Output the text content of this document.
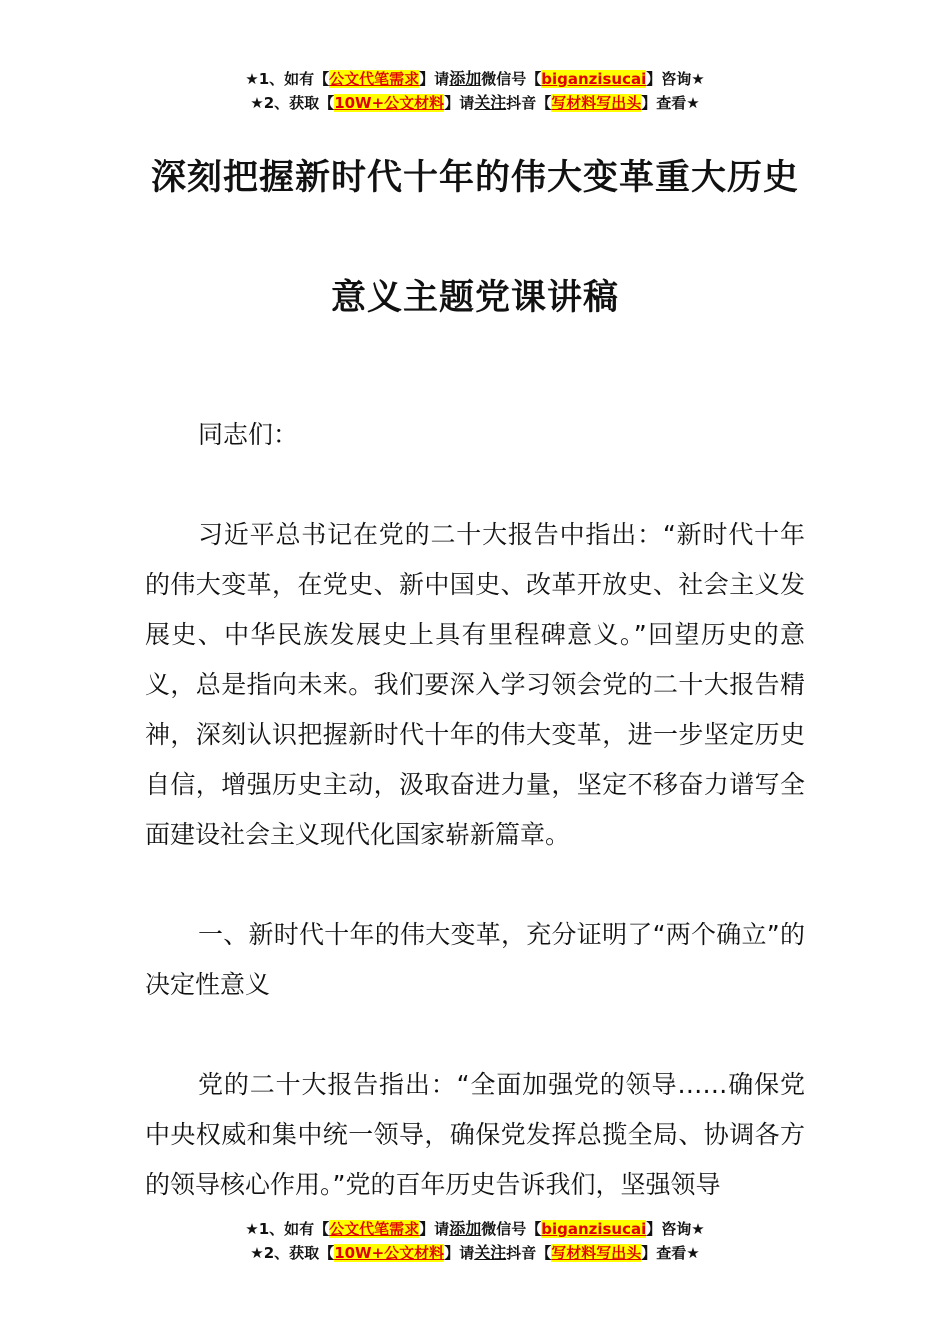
★1、如有【公文代笔需求】请添加微信号【biganzisucai】咨询★
★2、获取【10W+公文材料】请关注抖音【写材料写出头】查看★
深刻把握新时代十年的伟大变革重大历史
意义主题党课讲稿

同志们：

习近平总书记在党的二十大报告中指出：“新时代十年的伟大变革，在党史、新中国史、改革开放史、社会主义发展史、中华民族发展史上具有里程碑意义。”回望历史的意义，总是指向未来。我们要深入学习领会党的二十大报告精神，深刻认识把握新时代十年的伟大变革，进一步坚定历史自信，增强历史主动，汲取奋进力量，坚定不移奋力谱写全面建设社会主义现代化国家崭新篇章。

一、新时代十年的伟大变革，充分证明了“两个确立”的决定性意义

党的二十大报告指出：“全面加强党的领导……确保党中央权威和集中统一领导，确保党发挥总揽全局、协调各方的领导核心作用。”党的百年历史告诉我们，坚强领导

★1、如有【公文代笔需求】请添加微信号【biganzisucai】咨询★
★2、获取【10W+公文材料】请关注抖音【写材料写出头】查看★
